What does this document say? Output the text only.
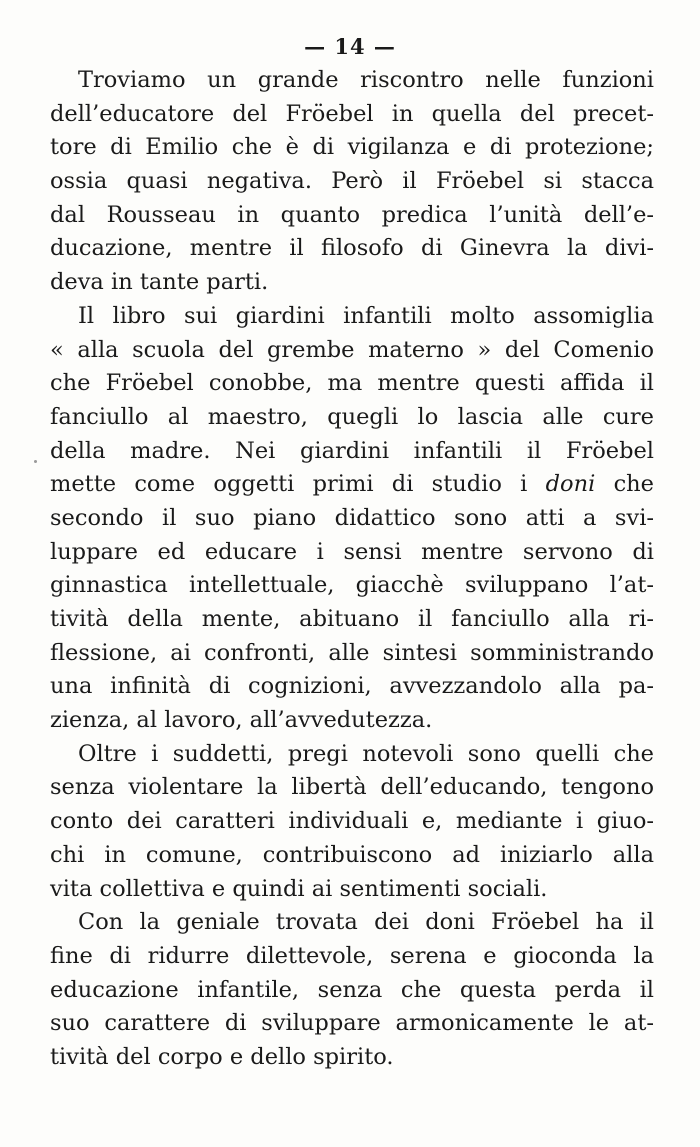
— 14 —
Troviamo un grande riscontro nelle funzioni
dell’educatore del Fröebel in quella del precet-
tore di Emilio che è di vigilanza e di protezione;
ossia quasi negativa. Però il Fröebel si stacca
dal Rousseau in quanto predica l’unità dell’e-
ducazione, mentre il filosofo di Ginevra la divi-
deva in tante parti.
Il libro sui giardini infantili molto assomiglia
« alla scuola del grembe materno » del Comenio
che Fröebel conobbe, ma mentre questi affida il
fanciullo al maestro, quegli lo lascia alle cure
della madre. Nei giardini infantili il Fröebel
mette come oggetti primi di studio i doni che
secondo il suo piano didattico sono atti a svi-
luppare ed educare i sensi mentre servono di
ginnastica intellettuale, giacchè sviluppano l’at-
tività della mente, abituano il fanciullo alla ri-
flessione, ai confronti, alle sintesi somministrando
una infinità di cognizioni, avvezzandolo alla pa-
zienza, al lavoro, all’avvedutezza.
Oltre i suddetti, pregi notevoli sono quelli che
senza violentare la libertà dell’educando, tengono
conto dei caratteri individuali e, mediante i giuo-
chi in comune, contribuiscono ad iniziarlo alla
vita collettiva e quindi ai sentimenti sociali.
Con la geniale trovata dei doni Fröebel ha il
fine di ridurre dilettevole, serena e gioconda la
educazione infantile, senza che questa perda il
suo carattere di sviluppare armonicamente le at-
tività del corpo e dello spirito.
